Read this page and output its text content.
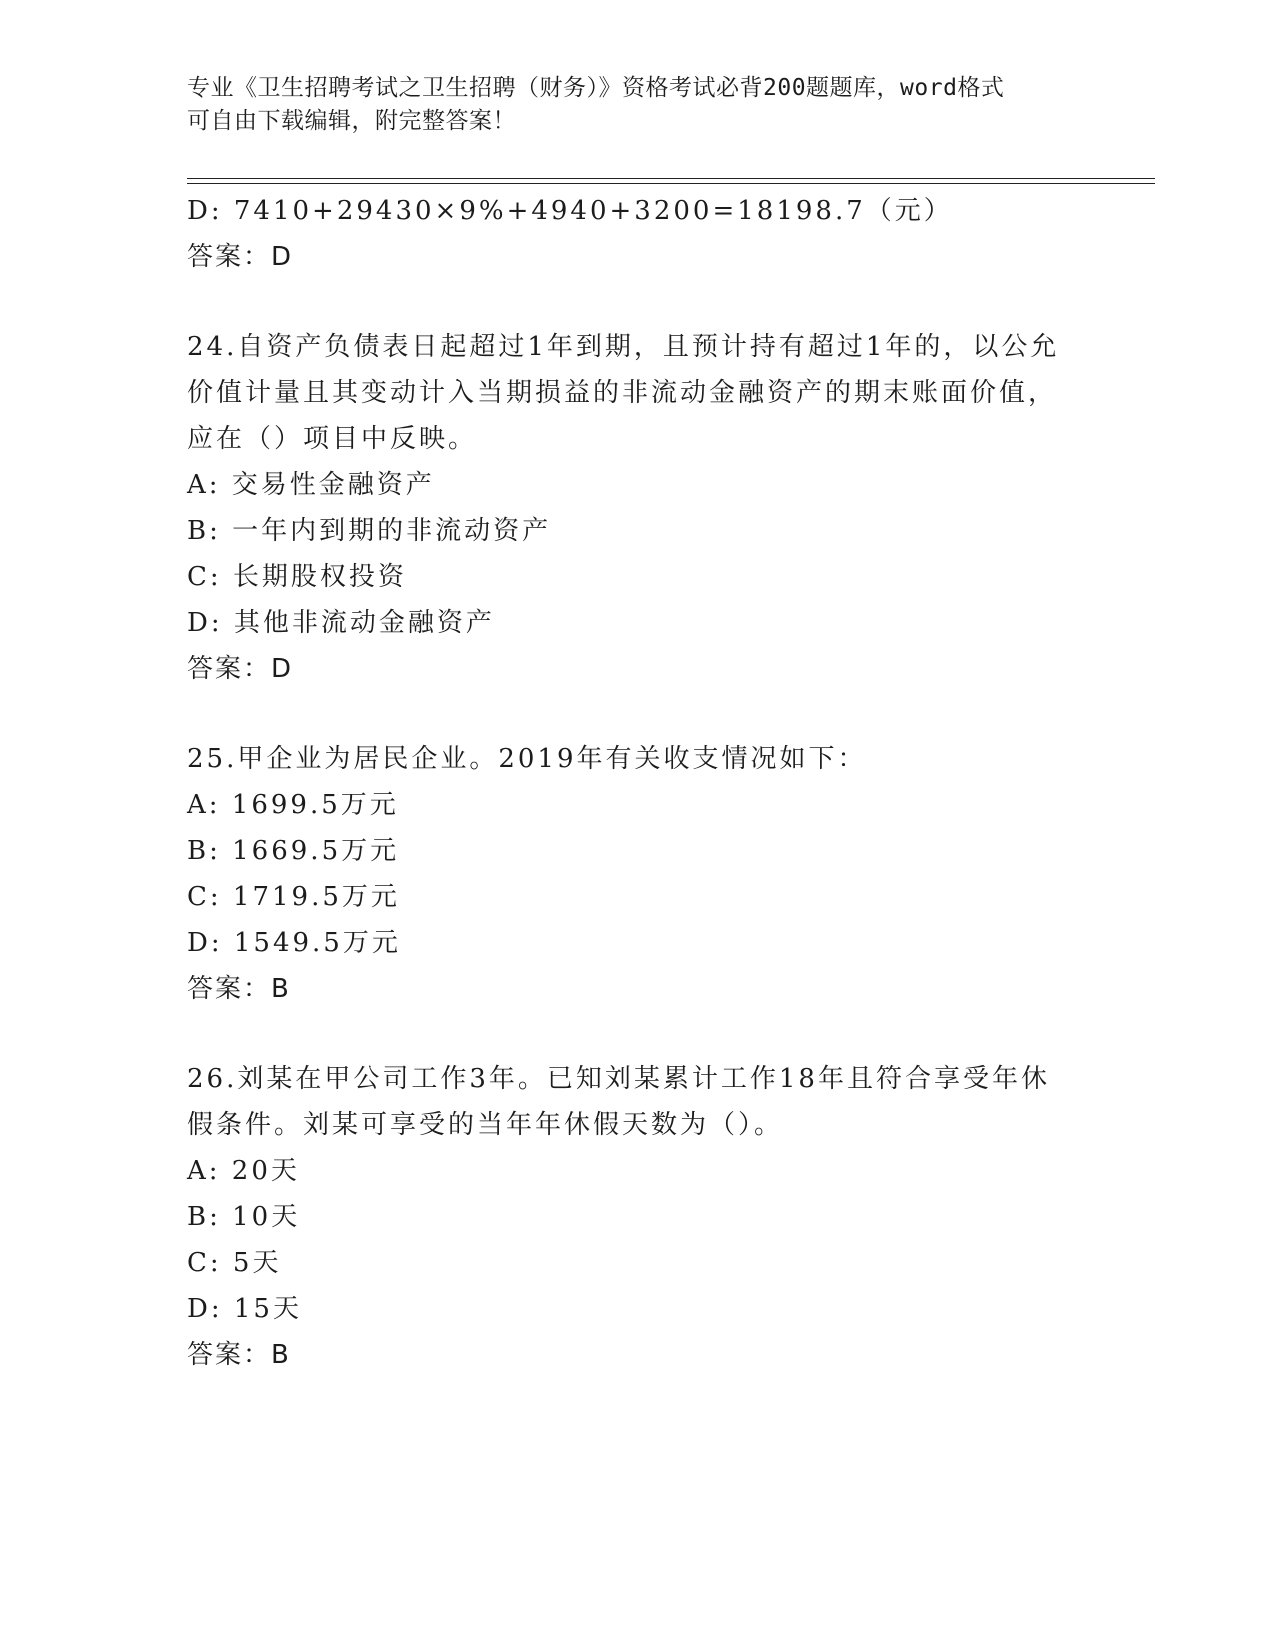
专业《卫生招聘考试之卫生招聘（财务）》资格考试必背200题题库，word格式
可自由下载编辑，附完整答案！
D: 7410+29430×9%+4940+3200=18198.7（元）
答案：D
24.自资产负债表日起超过1年到期，且预计持有超过1年的，以公允
价值计量且其变动计入当期损益的非流动金融资产的期末账面价值，
应在（）项目中反映。
A: 交易性金融资产
B: 一年内到期的非流动资产
C: 长期股权投资
D: 其他非流动金融资产
答案：D
25.甲企业为居民企业。2019年有关收支情况如下：
A: 1699.5万元
B: 1669.5万元
C: 1719.5万元
D: 1549.5万元
答案：B
26.刘某在甲公司工作3年。已知刘某累计工作18年且符合享受年休
假条件。刘某可享受的当年年休假天数为（）。
A: 20天
B: 10天
C: 5天
D: 15天
答案：B
